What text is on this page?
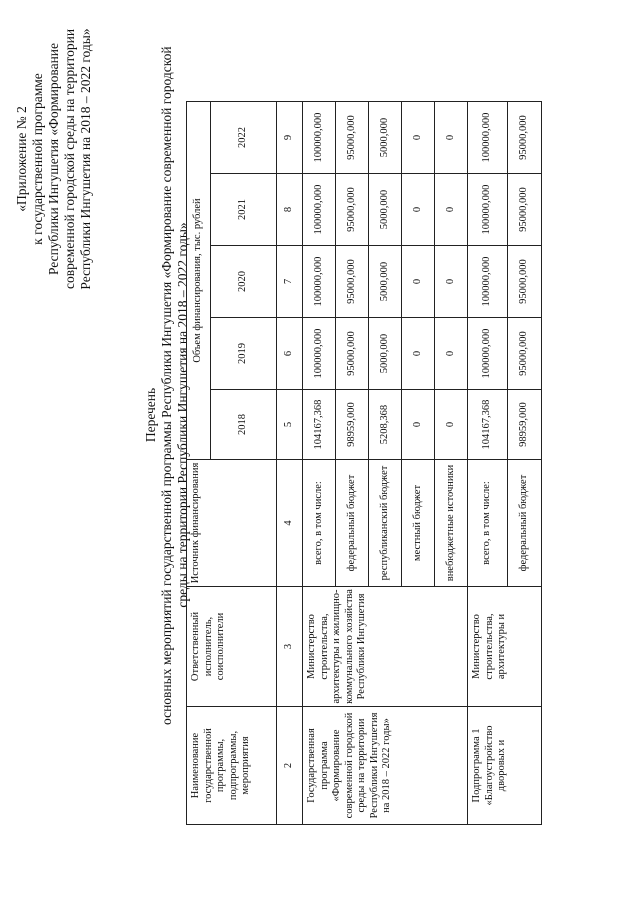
«Приложение № 2 к государственной программе Республики Ингушетия «Формирование современной городской среды на территории Республики Ингушетия на 2018 – 2022 годы»
Перечень основных мероприятий государственной программы Республики Ингушетия «Формирование современной городской среды на территории Республики Ингушетия на 2018 – 2022 годы»
Наименование государственной программы, подпрограммы, мероприятия	Ответственный исполнитель, соисполнители	Источник финансирования	Объем финансирования, тыс. рублей				
			2018	2019	2020	2021	2022
2	3	4	5	6	7	8	9
Государственная программа «Формирование современной городской среды на территории Республики Ингушетия на 2018 – 2022 годы»	Министерство строительства, архитектуры и жилищно-коммунального хозяйства Республики Ингушетия	всего, в том числе:	104167,368	100000,000	100000,000	100000,000	100000,000
		федеральный бюджет	98959,000	95000,000	95000,000	95000,000	95000,000
		республиканский бюджет	5208,368	5000,000	5000,000	5000,000	5000,000
		местный бюджет	0	0	0	0	0
		внебюджетные источники	0	0	0	0	0
Подпрограмма 1 «Благоустройство дворовых и	Министерство строительства, архитектуры и	всего, в том числе:	104167,368	100000,000	100000,000	100000,000	100000,000
		федеральный бюджет	98959,000	95000,000	95000,000	95000,000	95000,000
